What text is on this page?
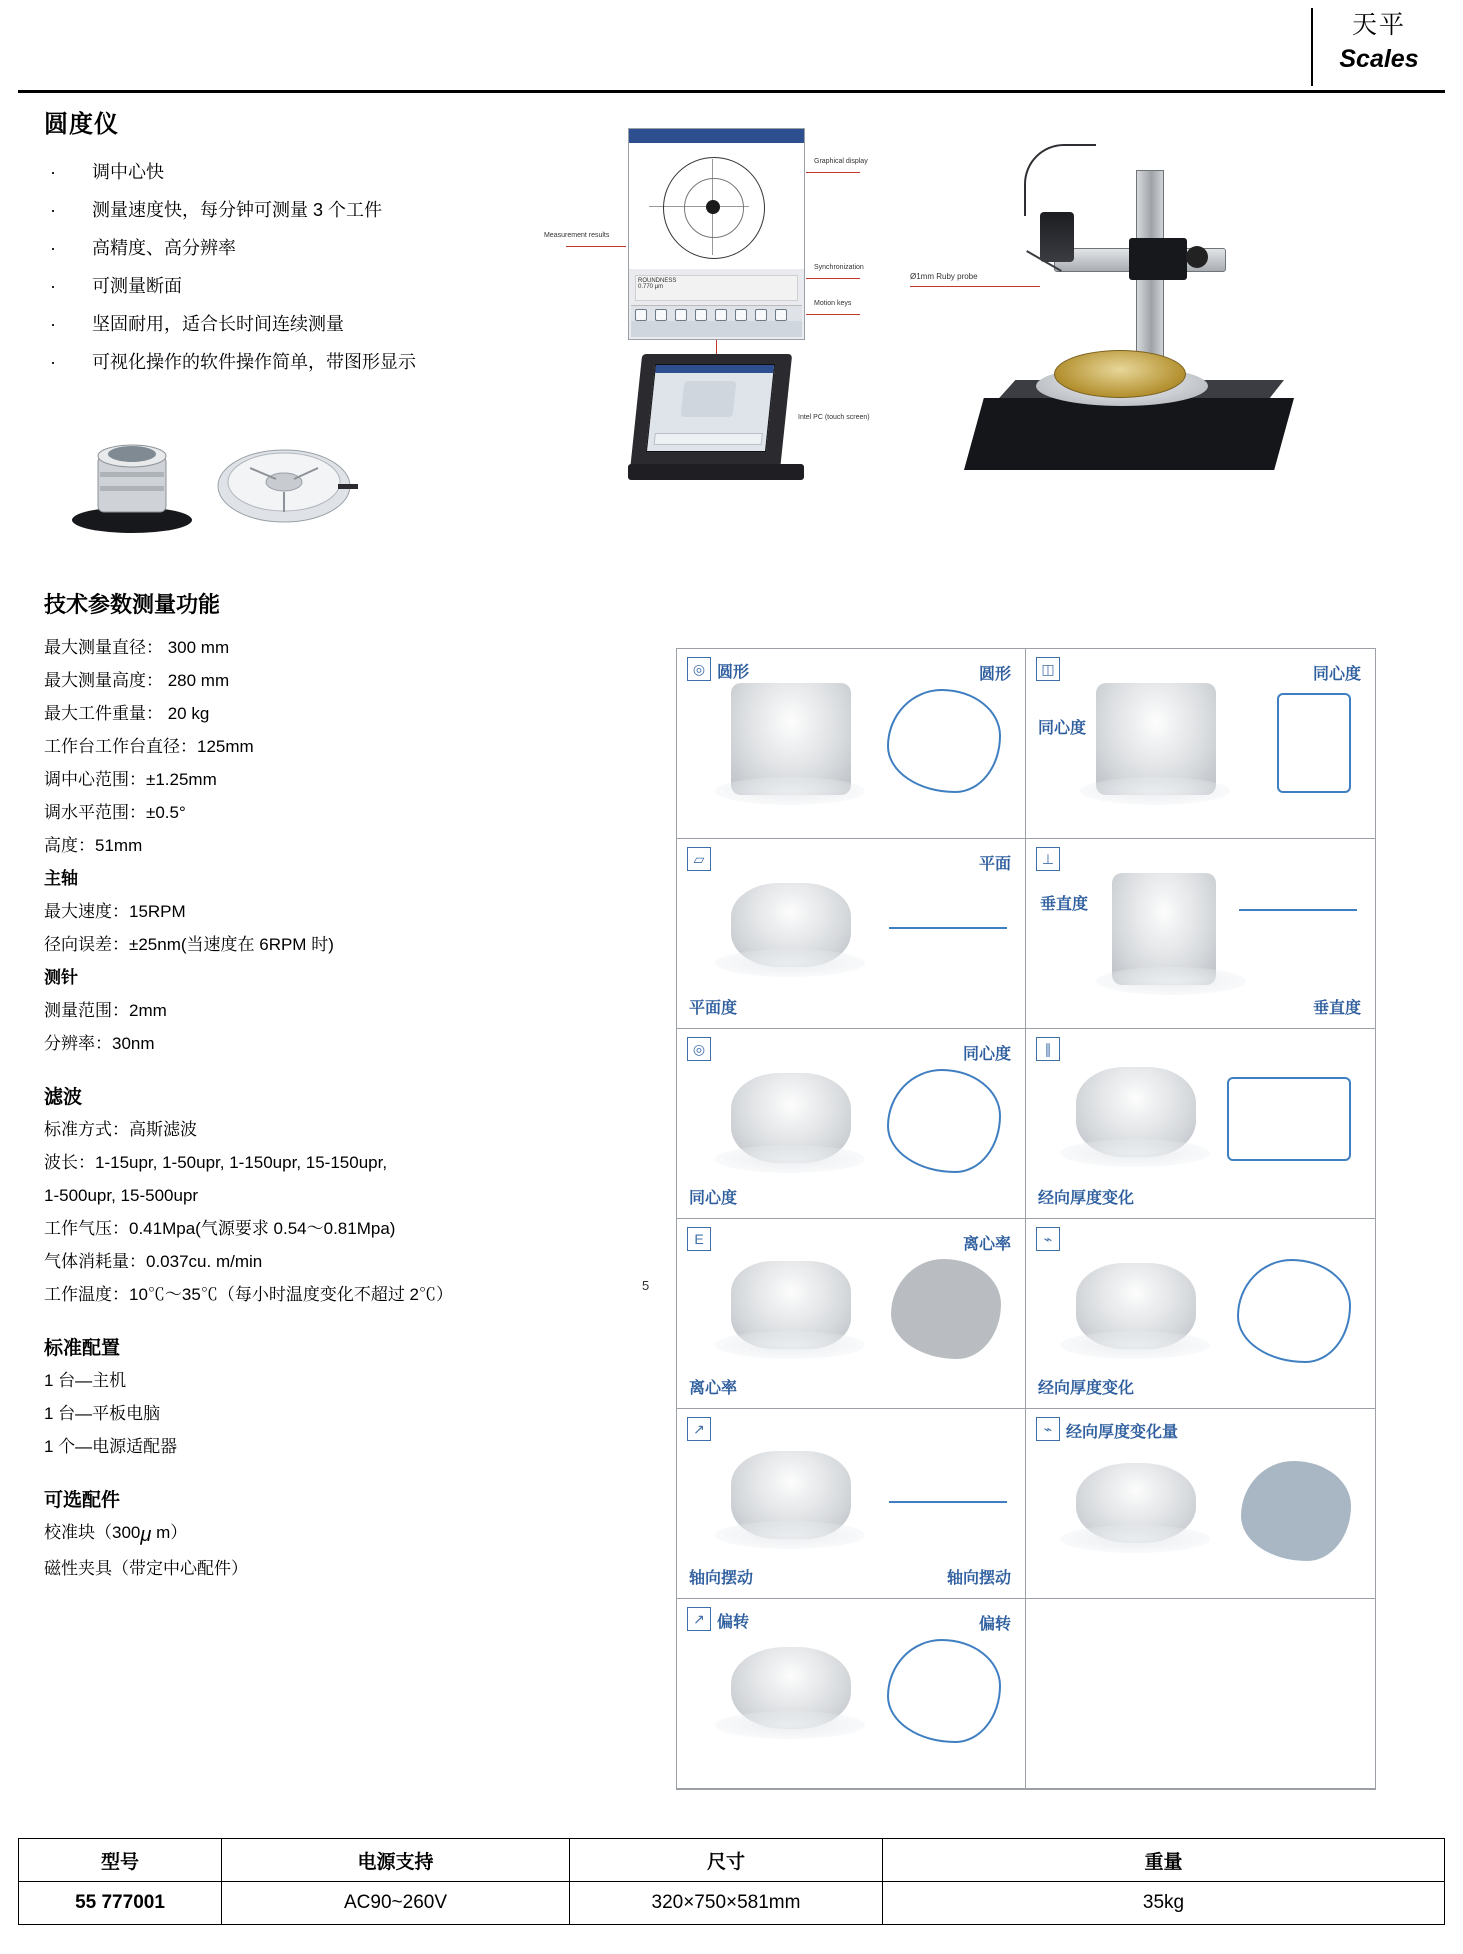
天平
Scales
圆度仪
· 调中心快
· 测量速度快，每分钟可测量 3 个工件
· 高精度、高分辨率
· 可测量断面
· 坚固耐用，适合长时间连续测量
· 可视化操作的软件操作简单，带图形显示
技术参数测量功能
最大测量直径： 300 mm
最大测量高度： 280 mm
最大工件重量： 20 kg
工作台工作台直径：125mm
调中心范围：±1.25mm
调水平范围：±0.5°
高度：51mm
主轴
最大速度：15RPM
径向误差：±25nm(当速度在 6RPM 时)
测针
测量范围：2mm
分辨率：30nm
滤波
标准方式：高斯滤波
波长：1-15upr, 1-50upr, 1-150upr, 15-150upr,
1-500upr, 15-500upr
工作气压：0.41Mpa(气源要求 0.54～0.81Mpa)
气体消耗量：0.037cu. m/min
工作温度：10℃～35℃（每小时温度变化不超过 2℃）
标准配置
1 台—主机
1 台—平板电脑
1 个—电源适配器
可选配件
校准块（300μ m）
磁性夹具（带定中心配件）
ROUNDNESS
0.770 µm
Measurement results
Graphical display
Synchronization
Motion keys
Intel PC (touch screen)
Ø1mm Ruby probe
5
◎ 圆形	圆形	◫
同心度
同心度
▱
平面度
平面	⊥
垂直度
垂直度
◎
同心度
同心度	∥
经向厚度变化
E
离心率
离心率	⌁
经向厚度变化
↗
轴向摆动	轴向摆动
⌁ 经向厚度变化量
↗ 偏转	偏转
型号	电源支持	尺寸	重量
55 777001	AC90~260V	320×750×581mm	35kg
